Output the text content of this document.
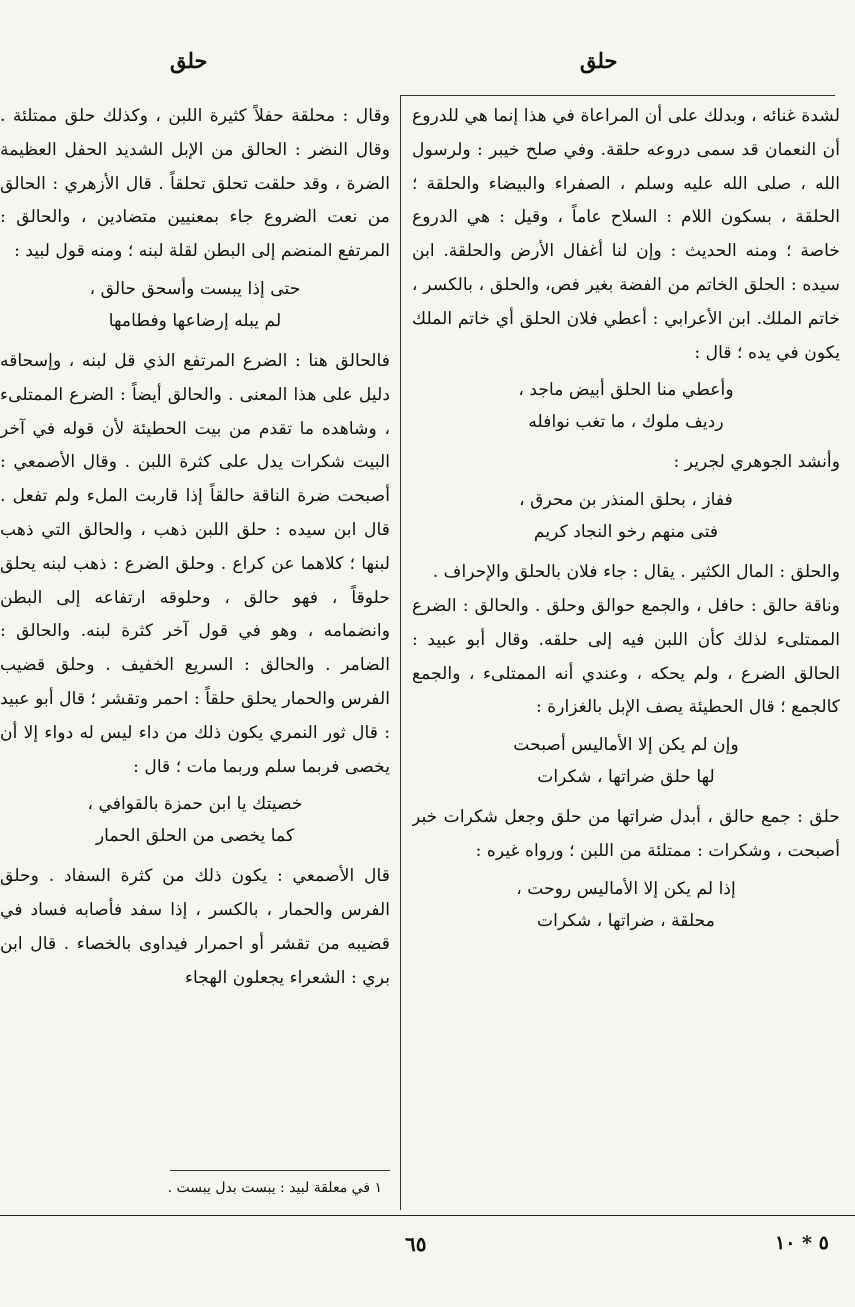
حلق
حلق

لشدة غنائه ، وبدلك على أن المراعاة في هذا إنما هي للدروع أن النعمان قد سمى دروعه حلقة. وفي صلح خيبر : ولرسول الله ، صلى الله عليه وسلم ، الصفراء والبيضاء والحلقة ؛ الحلقة ، بسكون اللام : السلاح عاماً ، وقيل : هي الدروع خاصة ؛ ومنه الحديث : وإن لنا أغفال الأرض والحلقة. ابن سيده : الحلق الخاتم من الفضة بغير فص، والحلق ، بالكسر ، خاتم الملك. ابن الأعرابي : أعطي فلان الحلق أي خاتم الملك يكون في يده ؛ قال :

وأعطي منا الحلق أبيض ماجد ،
رديف ملوك ، ما تغب نوافله

وأنشد الجوهري لجرير :

ففاز ، بحلق المنذر بن محرق ،
فتى منهم رخو النجاد كريم

والحلق : المال الكثير . يقال : جاء فلان بالحلق والإحراف .

وناقة حالق : حافل ، والجمع حوالق وحلق . والحالق : الضرع الممتلىء لذلك كأن اللبن فيه إلى حلقه. وقال أبو عبيد : الحالق الضرع ، ولم يحكه ، وعندي أنه الممتلىء ، والجمع كالجمع ؛ قال الحطيئة يصف الإبل بالغزارة :

وإن لم يكن إلا الأماليس أصبحت
لها حلق ضراتها ، شكرات

حلق : جمع حالق ، أبدل ضراتها من حلق وجعل شكرات خبر أصبحت ، وشكرات : ممتلئة من اللبن ؛ ورواه غيره :

إذا لم يكن إلا الأماليس روحت ،
محلقة ، ضراتها ، شكرات

وقال : محلقة حفلاً كثيرة اللبن ، وكذلك حلق ممتلئة . وقال النضر : الحالق من الإبل الشديد الحفل العظيمة الضرة ، وقد حلقت تحلق تحلقاً . قال الأزهري : الحالق من نعت الضروع جاء بمعنيين متضادين ، والحالق : المرتفع المنضم إلى البطن لقلة لبنه ؛ ومنه قول لبيد :

حتى إذا يبست وأسحق حالق ،
لم يبله إرضاعها وفطامها

فالحالق هنا : الضرع المرتفع الذي قل لبنه ، وإسحاقه دليل على هذا المعنى . والحالق أيضاً : الضرع الممتلىء ، وشاهده ما تقدم من بيت الحطيئة لأن قوله في آخر البيت شكرات يدل على كثرة اللبن . وقال الأصمعي : أصبحت ضرة الناقة حالقاً إذا قاربت الملء ولم تفعل . قال ابن سيده : حلق اللبن ذهب ، والحالق التي ذهب لبنها ؛ كلاهما عن كراع . وحلق الضرع : ذهب لبنه يحلق حلوقاً ، فهو حالق ، وحلوقه ارتفاعه إلى البطن وانضمامه ، وهو في قول آخر كثرة لبنه. والحالق : الضامر . والحالق : السريع الخفيف . وحلق قضيب الفرس والحمار يحلق حلقاً : احمر وتقشر ؛ قال أبو عبيد : قال ثور النمري يكون ذلك من داء ليس له دواء إلا أن يخصى فربما سلم وربما مات ؛ قال :

خصيتك يا ابن حمزة بالقوافي ،
كما يخصى من الحلق الحمار

قال الأصمعي : يكون ذلك من كثرة السفاد . وحلق الفرس والحمار ، بالكسر ، إذا سفد فأصابه فساد في قضيبه من تقشر أو احمرار فيداوى بالخصاء . قال ابن بري : الشعراء يجعلون الهجاء

١ في معلقة لبيد : يبست بدل يبست .
٦٥	٥ * ١٠
